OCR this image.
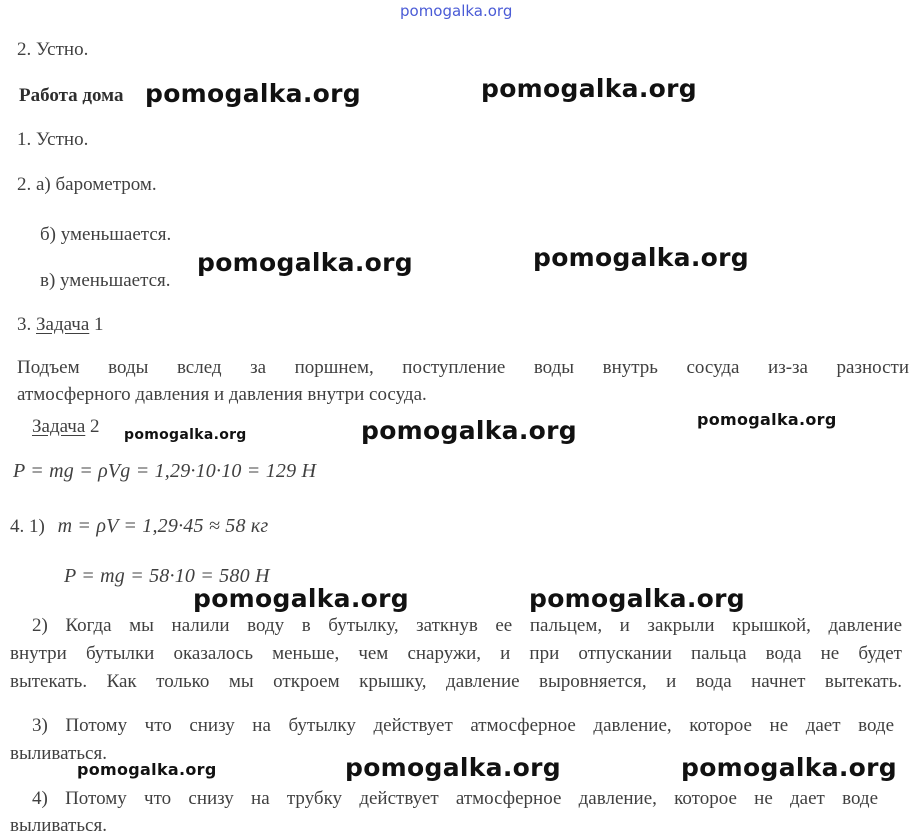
pomogalka.org
2. Устно.
Работа дома
1. Устно.
2. а) барометром.
б) уменьшается.
в) уменьшается.
3. Задача 1
Подъем воды вслед за поршнем, поступление воды внутрь сосуда из-за разности
атмосферного давления и давления внутри сосуда.
Задача 2
P = mg = ρVg = 1,29·10·10 = 129 Н
4. 1) m = ρV = 1,29·45 ≈ 58 кг
P = mg = 58·10 = 580 Н
2) Когда мы налили воду в бутылку, заткнув ее пальцем, и закрыли крышкой, давление
внутри бутылки оказалось меньше, чем снаружи, и при отпускании пальца вода не будет
вытекать. Как только мы откроем крышку, давление выровняется, и вода начнет вытекать.
3) Потому что снизу на бутылку действует атмосферное давление, которое не дает воде
выливаться.
4) Потому что снизу на трубку действует атмосферное давление, которое не дает воде
выливаться.
pomogalka.org	pomogalka.org
pomogalka.org	pomogalka.org
pomogalka.org	pomogalka.org	pomogalka.org
pomogalka.org	pomogalka.org
pomogalka.org	pomogalka.org	pomogalka.org
